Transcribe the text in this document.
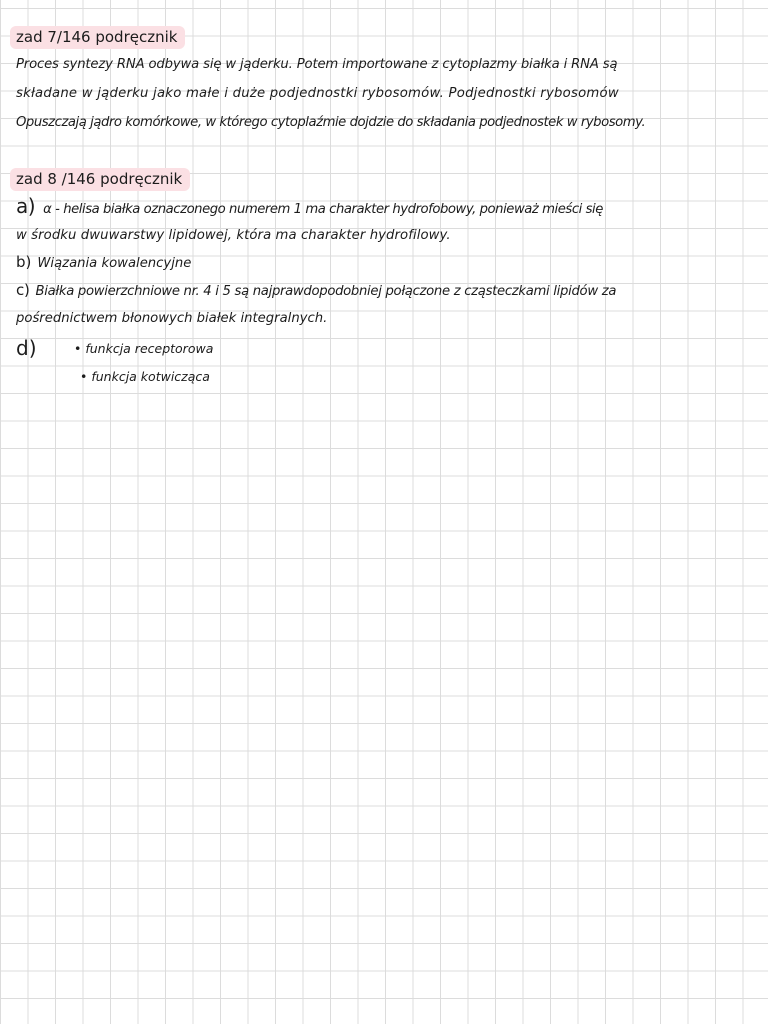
zad 7/146 podręcznik
Proces syntezy RNA odbywa się w jąderku. Potem importowane z cytoplazmy białka i RNA są
składane w jąderku jako małe i duże podjednostki rybosomów. Podjednostki rybosomów
Opuszczają jądro komórkowe, w którego cytoplaźmie dojdzie do składania podjednostek w rybosomy.
zad 8 /146 podręcznik
a) α - helisa białka oznaczonego numerem 1 ma charakter hydrofobowy, ponieważ mieści się
w środku dwuwarstwy lipidowej, która ma charakter hydrofilowy.
b) Wiązania kowalencyjne
c) Białka powierzchniowe nr. 4 i 5 są najprawdopodobniej połączone z cząsteczkami lipidów za
pośrednictwem błonowych białek integralnych.
d)	• funkcja receptorowa
• funkcja kotwicząca
